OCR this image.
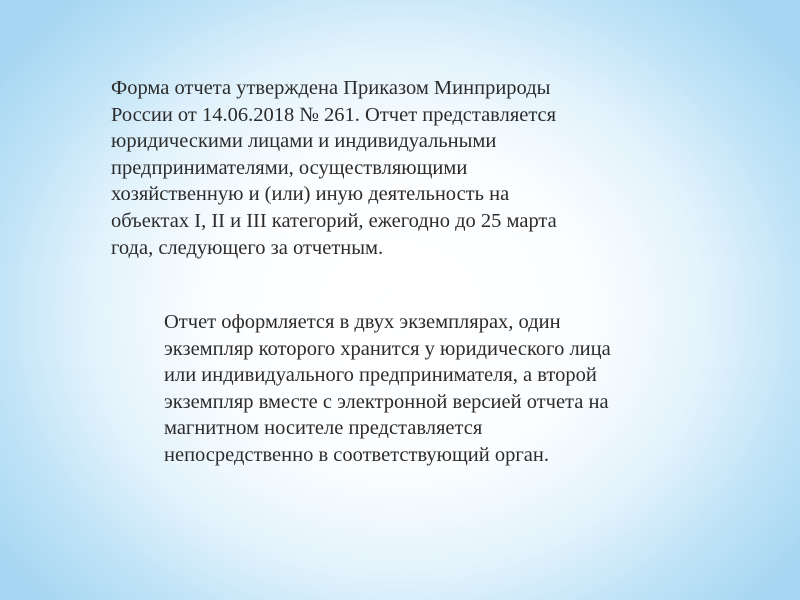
Форма отчета утверждена Приказом Минприроды
России от 14.06.2018 № 261. Отчет представляется
юридическими лицами и индивидуальными
предпринимателями, осуществляющими
хозяйственную и (или) иную деятельность на
объектах I, II и III категорий, ежегодно до 25 марта
года, следующего за отчетным.

Отчет оформляется в двух экземплярах, один
экземпляр которого хранится у юридического лица
или индивидуального предпринимателя, а второй
экземпляр вместе с электронной версией отчета на
магнитном носителе представляется
непосредственно в соответствующий орган.
